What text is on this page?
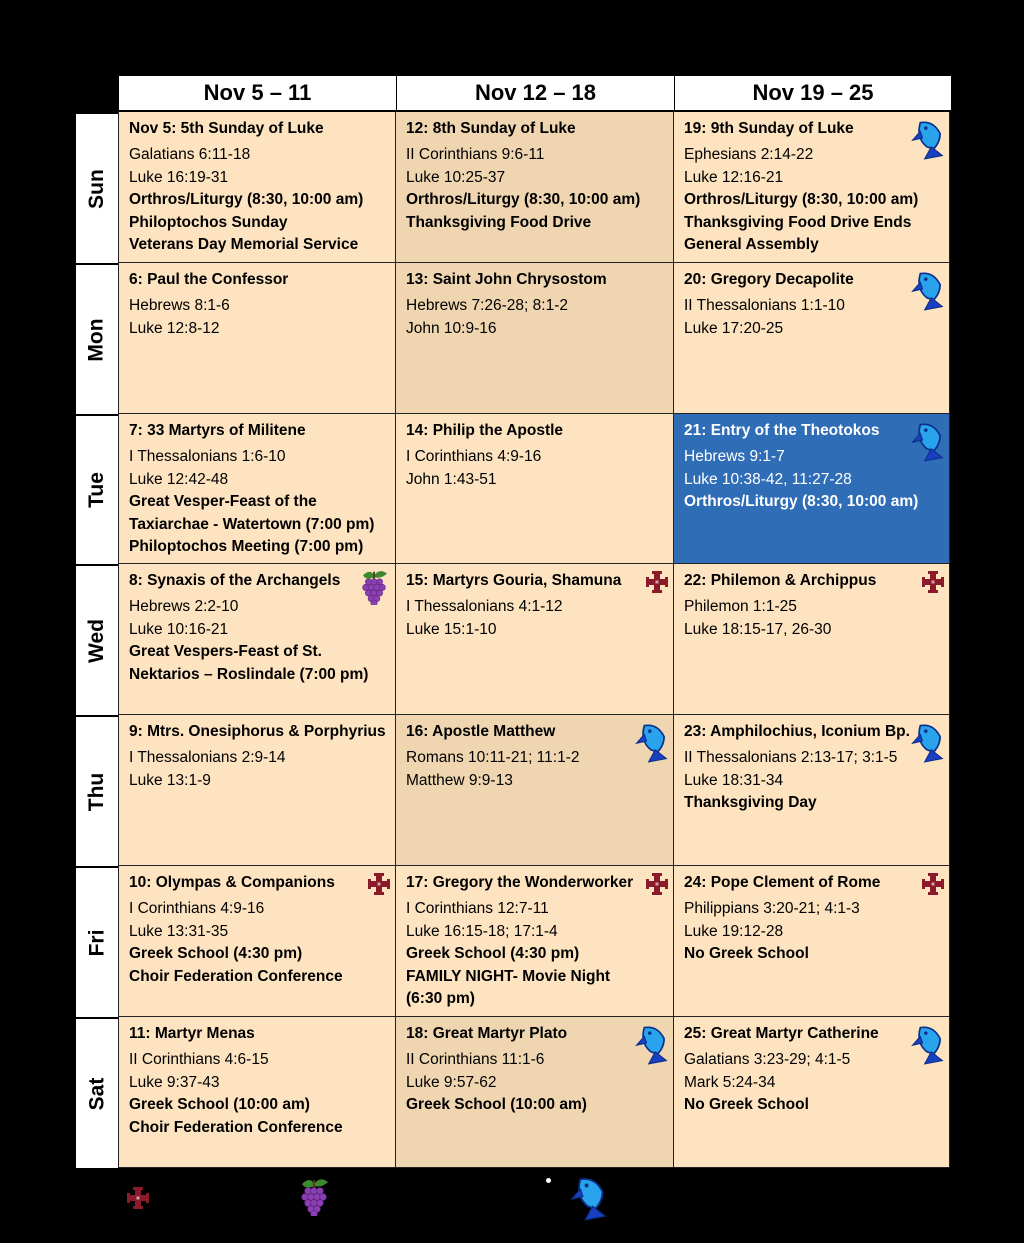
Nov 5 – 11	Nov 12 – 18	Nov 19 – 25
Sun
Nov 5: 5th Sunday of Luke
Galatians 6:11-18
Luke 16:19-31
Orthros/Liturgy (8:30, 10:00 am)
Philoptochos Sunday
Veterans Day Memorial Service
12: 8th Sunday of Luke
II Corinthians 9:6-11
Luke 10:25-37
Orthros/Liturgy (8:30, 10:00 am)
Thanksgiving Food Drive
19: 9th Sunday of Luke
Ephesians 2:14-22
Luke 12:16-21
Orthros/Liturgy (8:30, 10:00 am)
Thanksgiving Food Drive Ends
General Assembly
Mon
6: Paul the Confessor
Hebrews 8:1-6
Luke 12:8-12
13: Saint John Chrysostom
Hebrews 7:26-28; 8:1-2
John 10:9-16
20: Gregory Decapolite
II Thessalonians 1:1-10
Luke 17:20-25
Tue
7: 33 Martyrs of Militene
I Thessalonians 1:6-10
Luke 12:42-48
Great Vesper-Feast of the
Taxiarchae - Watertown (7:00 pm)
Philoptochos Meeting (7:00 pm)
14: Philip the Apostle
I Corinthians 4:9-16
John 1:43-51
21: Entry of the Theotokos
Hebrews 9:1-7
Luke 10:38-42, 11:27-28
Orthros/Liturgy (8:30, 10:00 am)
Wed
8: Synaxis of the Archangels
Hebrews 2:2-10
Luke 10:16-21
Great Vespers-Feast of St.
Nektarios – Roslindale (7:00 pm)
15: Martyrs Gouria, Shamuna
I Thessalonians 4:1-12
Luke 15:1-10
22: Philemon & Archippus
Philemon 1:1-25
Luke 18:15-17, 26-30
Thu
9: Mtrs. Onesiphorus & Porphyrius
I Thessalonians 2:9-14
Luke 13:1-9
16: Apostle Matthew
Romans 10:11-21; 11:1-2
Matthew 9:9-13
23: Amphilochius, Iconium Bp.
II Thessalonians 2:13-17; 3:1-5
Luke 18:31-34
Thanksgiving Day
Fri
10: Olympas & Companions
I Corinthians 4:9-16
Luke 13:31-35
Greek School (4:30 pm)
Choir Federation Conference
17: Gregory the Wonderworker
I Corinthians 12:7-11
Luke 16:15-18; 17:1-4
Greek School (4:30 pm)
FAMILY NIGHT- Movie Night
(6:30 pm)
24: Pope Clement of Rome
Philippians 3:20-21; 4:1-3
Luke 19:12-28
No Greek School
Sat
11: Martyr Menas
II Corinthians 4:6-15
Luke 9:37-43
Greek School (10:00 am)
Choir Federation Conference
18: Great Martyr Plato
II Corinthians 11:1-6
Luke 9:57-62
Greek School (10:00 am)
25: Great Martyr Catherine
Galatians 3:23-29; 4:1-5
Mark 5:24-34
No Greek School
